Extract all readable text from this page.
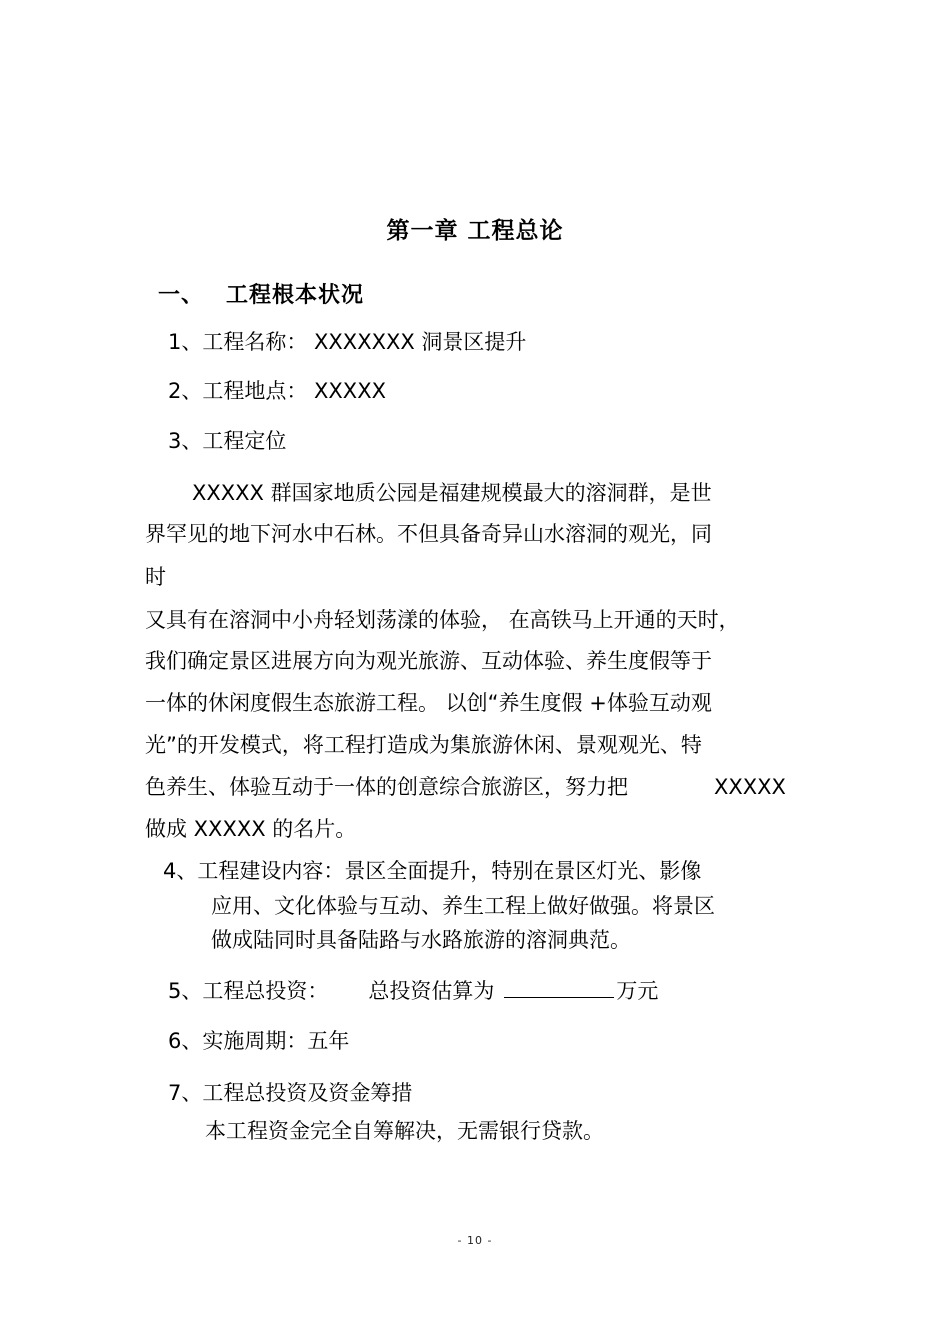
第一章 工程总论
一、 工程根本状况
1、工程名称： XXXXXXX 洞景区提升
2、工程地点： XXXXX
3、工程定位
XXXXX 群国家地质公园是福建规模最大的溶洞群，是世
界罕见的地下河水中石林。不但具备奇异山水溶洞的观光，同
时
又具有在溶洞中小舟轻划荡漾的体验， 在高铁马上开通的天时，
我们确定景区进展方向为观光旅游、互动体验、养生度假等于
一体的休闲度假生态旅游工程。 以创“养生度假 +体验互动观
光”的开发模式，将工程打造成为集旅游休闲、景观观光、特
色养生、体验互动于一体的创意综合旅游区，努力把	XXXXX
做成 XXXXX 的名片。
4、工程建设内容：景区全面提升，特别在景区灯光、影像
应用、文化体验与互动、养生工程上做好做强。将景区
做成陆同时具备陆路与水路旅游的溶洞典范。
5、工程总投资： 总投资估算为	万元
6、实施周期：五年
7、工程总投资及资金筹措
本工程资金完全自筹解决，无需银行贷款。
- 10 -
